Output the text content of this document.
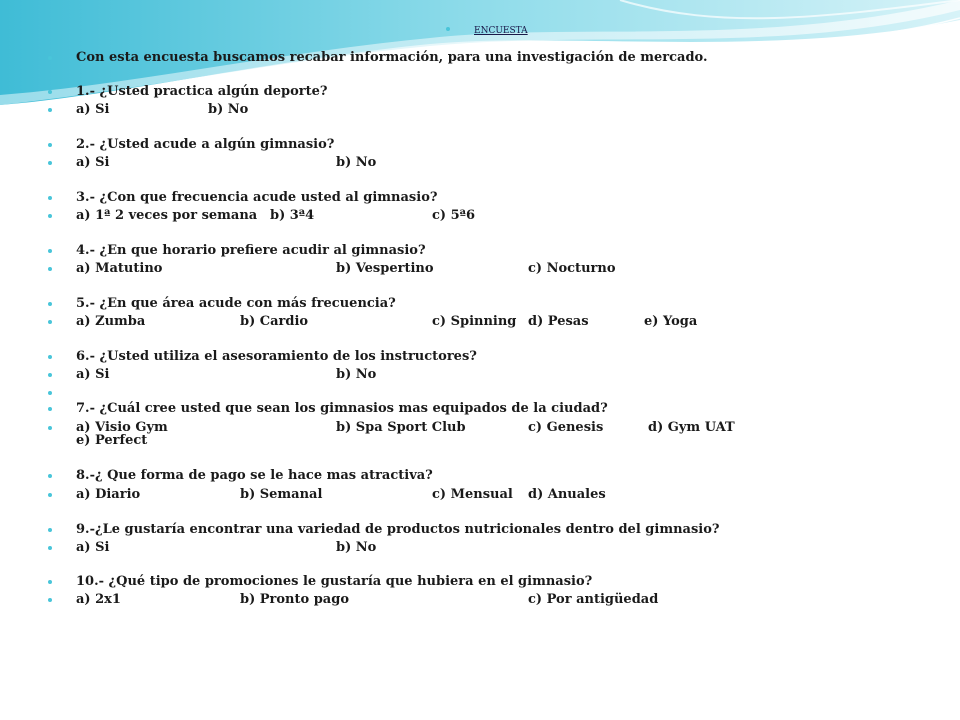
ENCUESTA
Con esta encuesta buscamos recabar información, para una investigación de mercado.
1.- ¿Usted practica algún deporte?
a) Si	b) No
2.- ¿Usted acude a algún gimnasio?
a) Si	b) No
3.- ¿Con que frecuencia acude usted al gimnasio?
a) 1ª 2 veces por semana b) 3ª4	c) 5ª6
4.- ¿En que horario prefiere acudir al gimnasio?
a) Matutino	b) Vespertino	c) Nocturno
5.- ¿En que área acude con más frecuencia?
a) Zumba	b) Cardio	c) Spinning d) Pesas	e) Yoga
6.- ¿Usted utiliza el asesoramiento de los instructores?
a) Si	b) No
7.- ¿Cuál cree usted que sean los gimnasios mas equipados de la ciudad?
a) Visio Gym	b) Spa Sport Club	c) Genesis	d) Gym UAT
e) Perfect
8.-¿ Que forma de pago se le hace mas atractiva?
a) Diario	b) Semanal	c) Mensual d) Anuales
9.-¿Le gustaría encontrar una variedad de productos nutricionales dentro del gimnasio?
a) Si	b) No
10.- ¿Qué tipo de promociones le gustaría que hubiera en el gimnasio?
a) 2x1	b) Pronto pago	c) Por antigüedad
